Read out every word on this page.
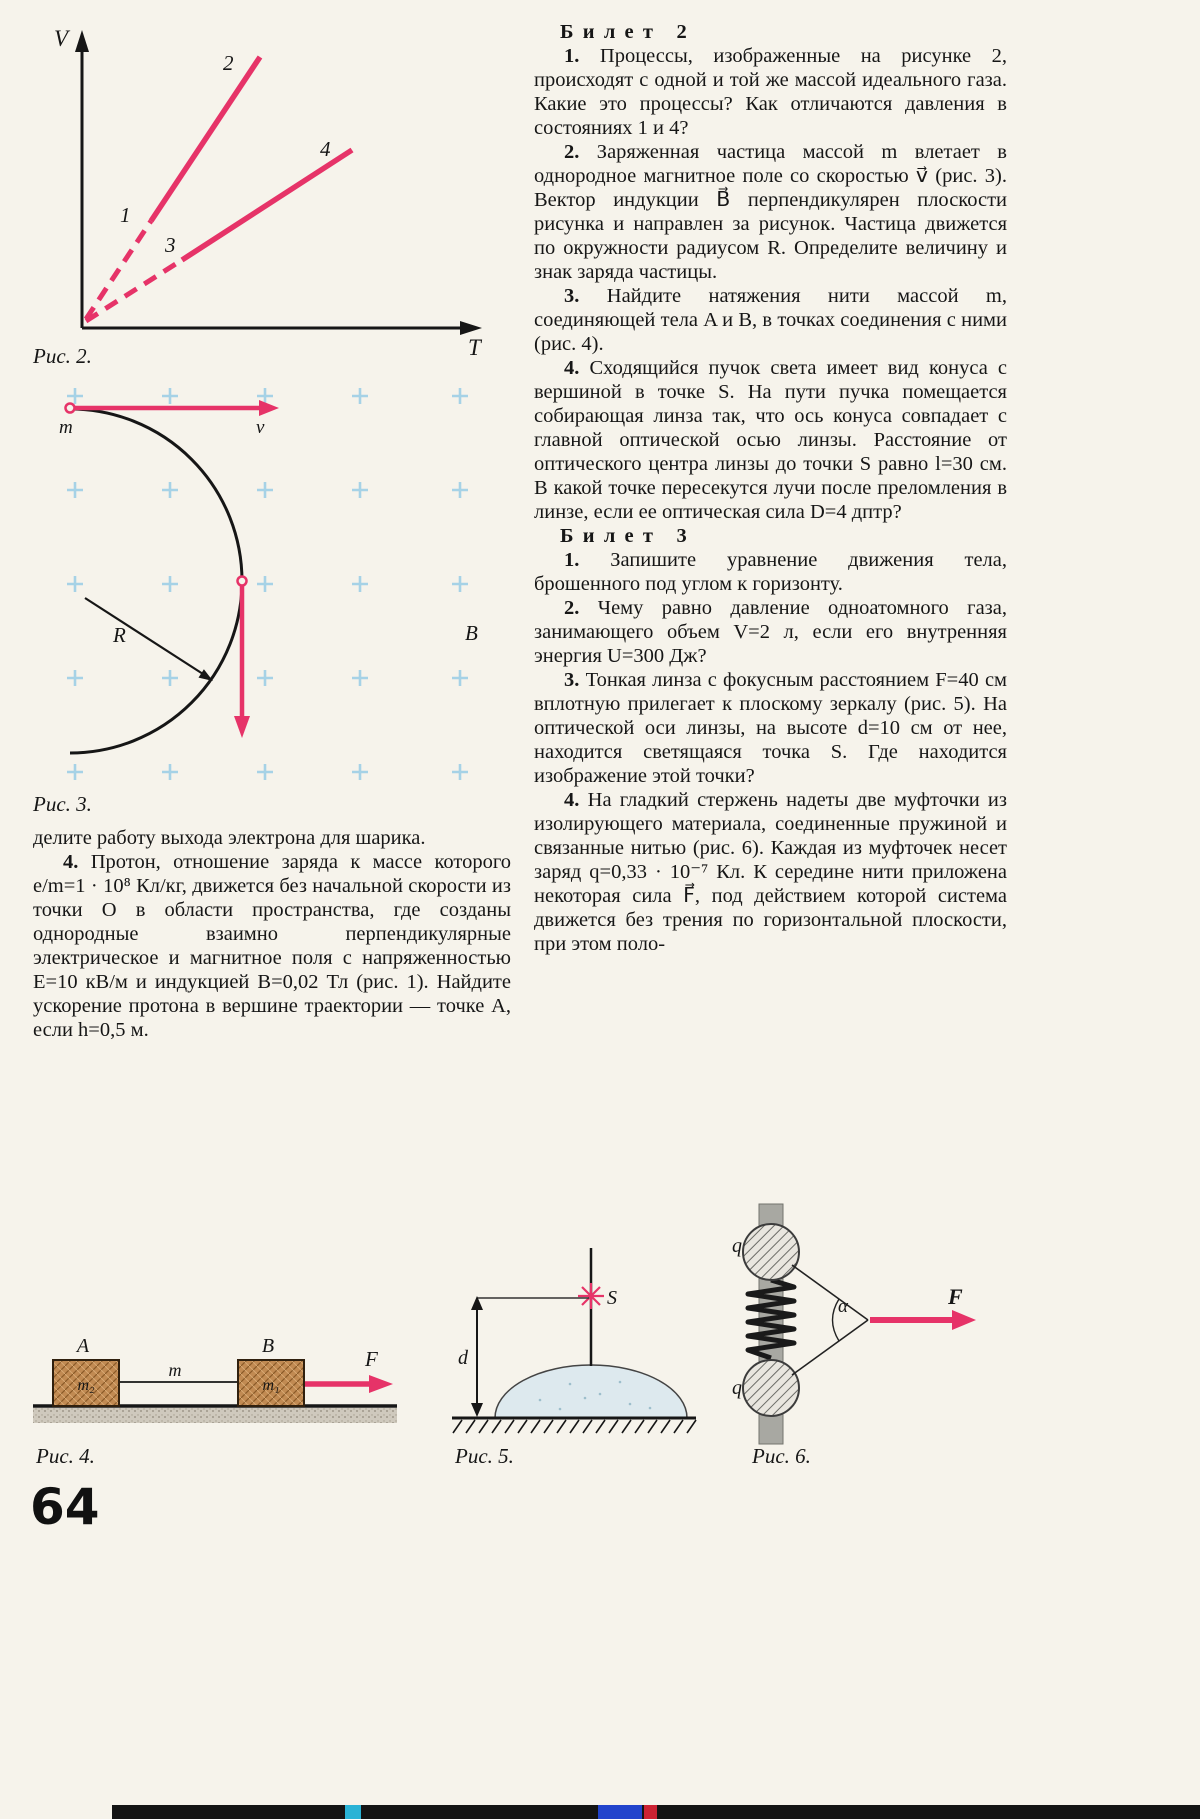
V
T
1
2
3
4
Рис. 2.
m	v
R	B
Рис. 3.

делите работу выхода электрона для шарика.

4. Протон, отношение заряда к массе которого e/m=1 · 10⁸ Кл/кг, движется без начальной скорости из точки O в области пространства, где созданы однородные взаимно перпендикулярные электрическое и магнитное поля с напряженностью E=10 кВ/м и индукцией B=0,02 Тл (рис. 1). Найдите ускорение протона в вершине траектории — точке A, если h=0,5 м.

Билет 2

1. Процессы, изображенные на рисунке 2, происходят с одной и той же массой идеального газа. Какие это процессы? Как отличаются давления в состояниях 1 и 4?

2. Заряженная частица массой m влетает в однородное магнитное поле со скоростью v⃗ (рис. 3). Вектор индукции B⃗ перпендикулярен плоскости рисунка и направлен за рисунок. Частица движется по окружности радиусом R. Определите величину и знак заряда частицы.

3. Найдите натяжения нити массой m, соединяющей тела A и B, в точках соединения с ними (рис. 4).

4. Сходящийся пучок света имеет вид конуса с вершиной в точке S. На пути пучка помещается собирающая линза так, что ось конуса совпадает с главной оптической осью линзы. Расстояние от оптического центра линзы до точки S равно l=30 см. В какой точке пересекутся лучи после преломления в линзе, если ее оптическая сила D=4 дптр?

Билет 3

1. Запишите уравнение движения тела, брошенного под углом к горизонту.

2. Чему равно давление одноатомного газа, занимающего объем V=2 л, если его внутренняя энергия U=300 Дж?

3. Тонкая линза с фокусным расстоянием F=40 см вплотную прилегает к плоскому зеркалу (рис. 5). На оптической оси линзы, на высоте d=10 см от нее, находится светящаяся точка S. Где находится изображение этой точки?

4. На гладкий стержень надеты две муфточки из изолирующего материала, соединенные пружиной и связанные нитью (рис. 6). Каждая из муфточек несет заряд q=0,33 · 10⁻⁷ Кл. К середине нити приложена некоторая сила F⃗, под действием которой система движется без трения по горизонтальной плоскости, при этом поло-

A	B
m
m₂	m₁
F
Рис. 4.
S
d
Рис. 5.
α	F
q
q
Рис. 6.
64
